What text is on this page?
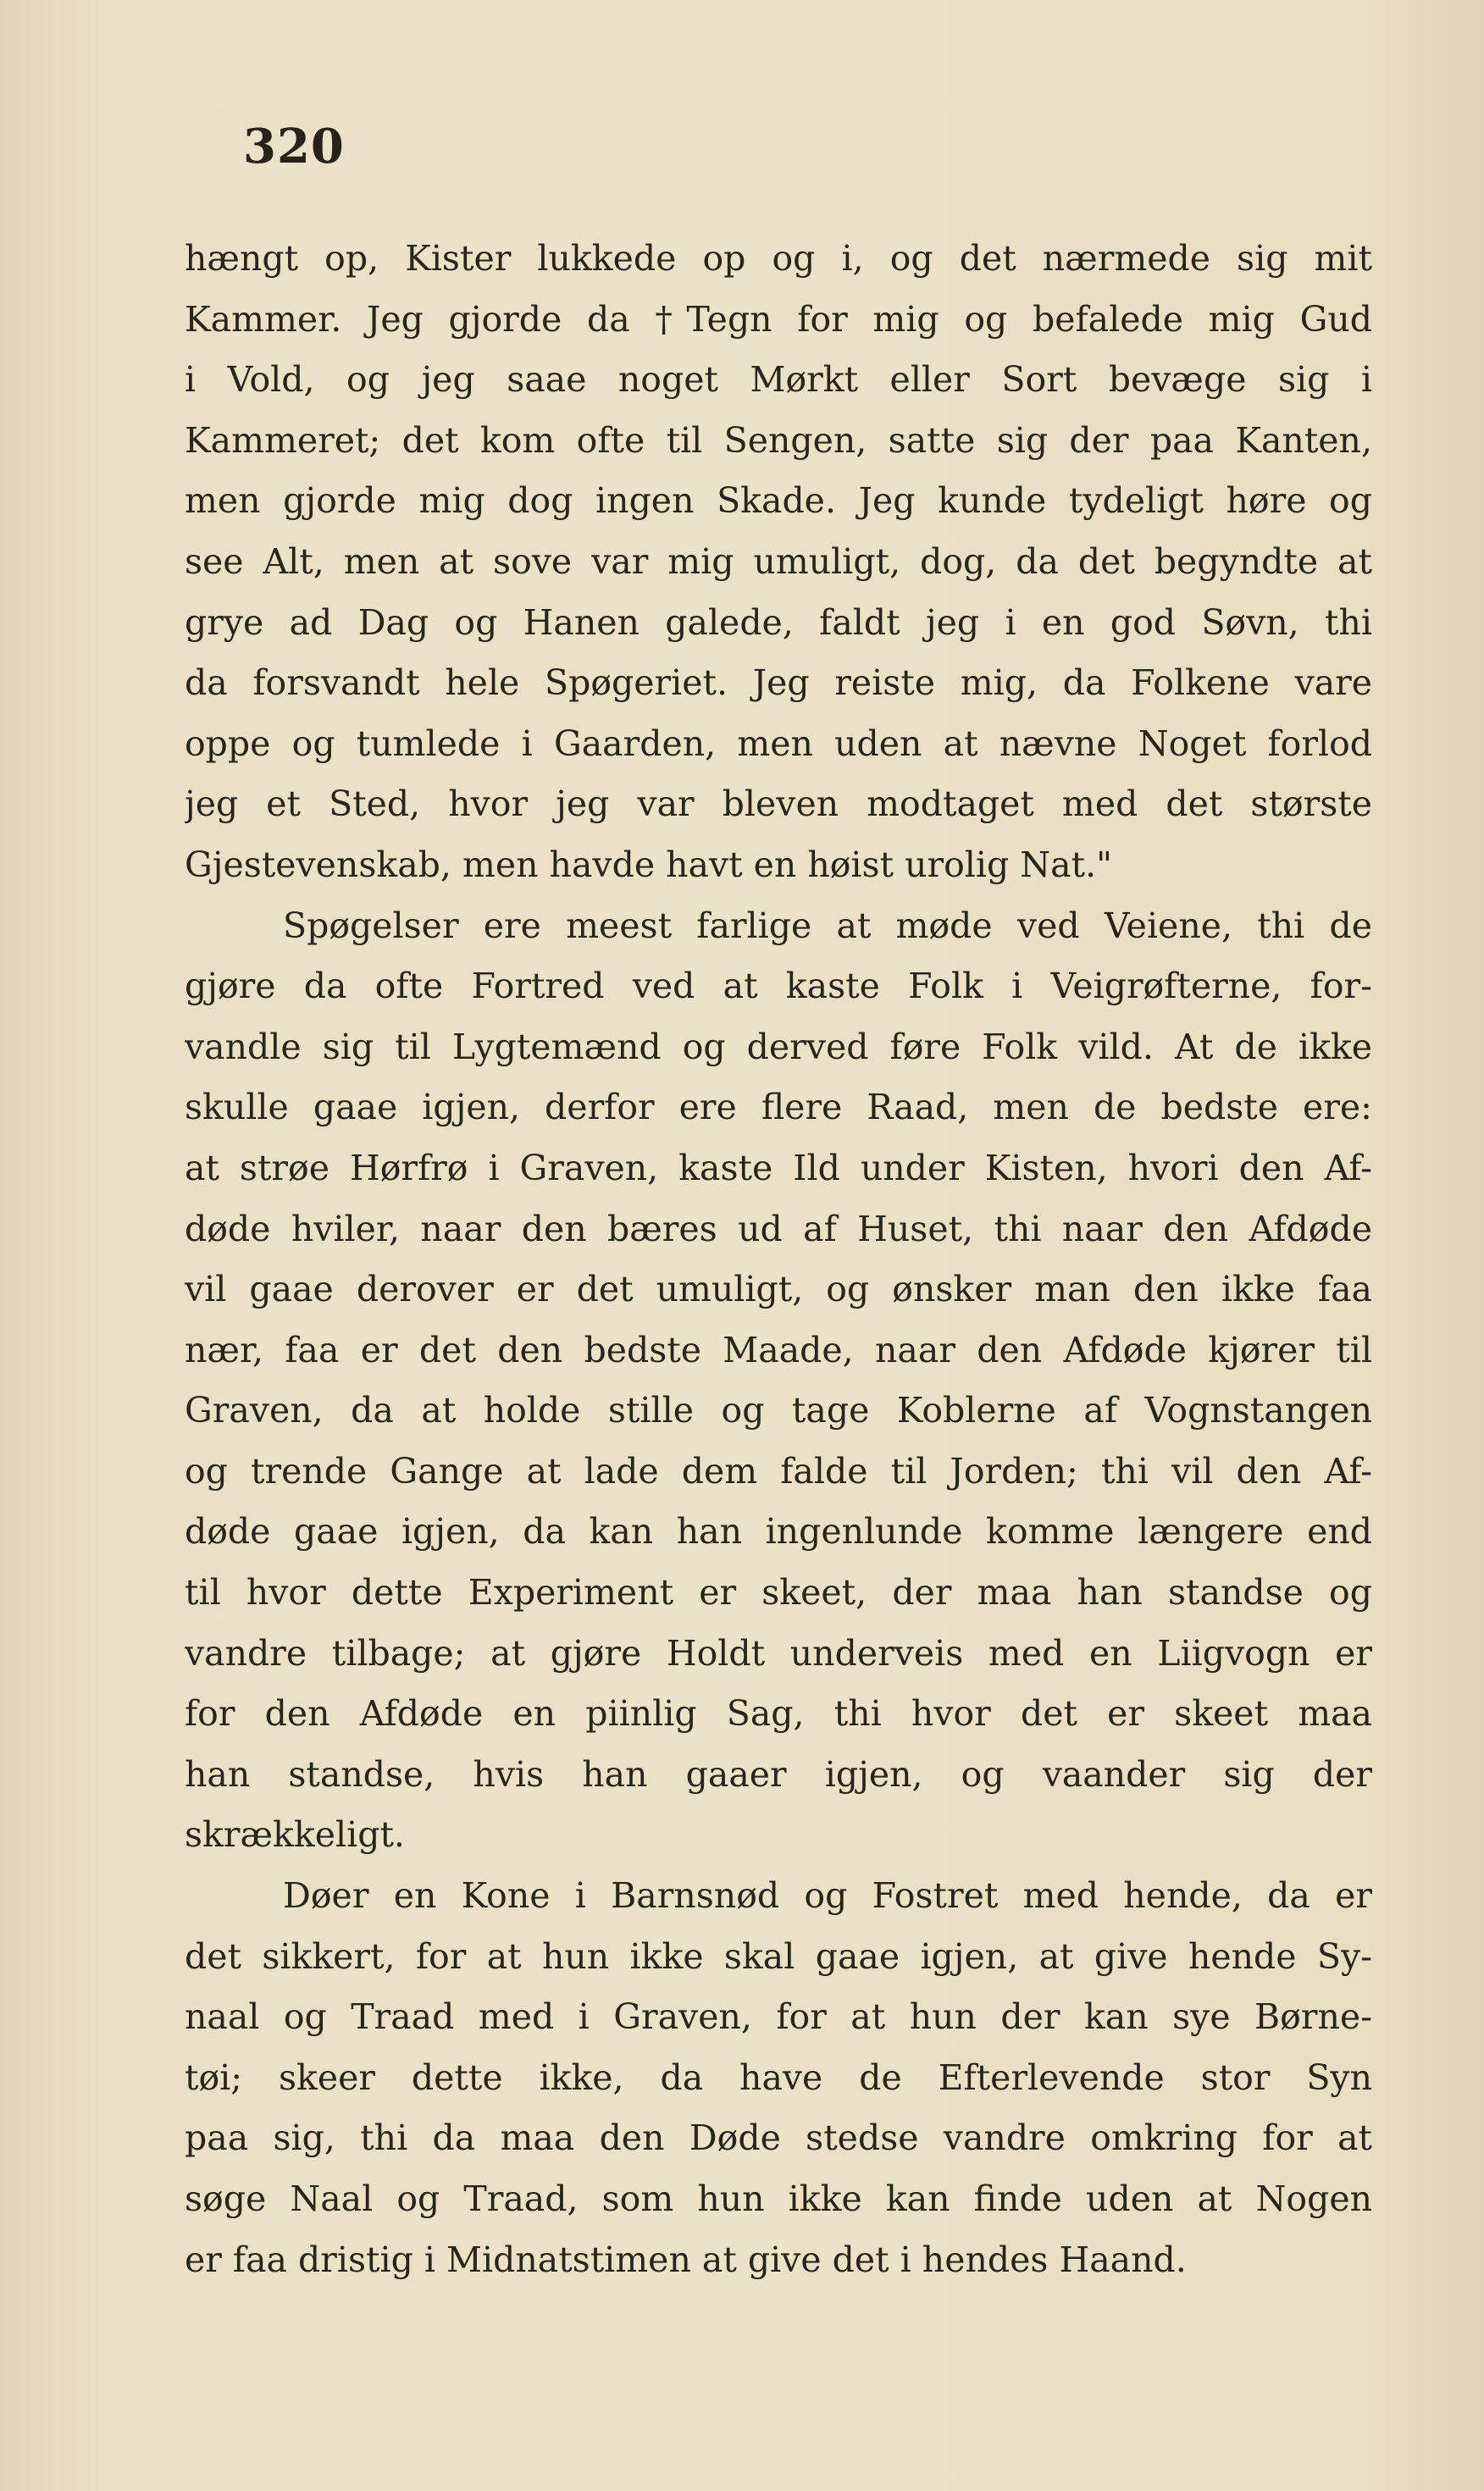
320
hængt op, Kister lukkede op og i, og det nærmede sig mit
Kammer. Jeg gjorde da †Tegn for mig og befalede mig Gud
i Vold, og jeg saae noget Mørkt eller Sort bevæge sig i
Kammeret; det kom ofte til Sengen, satte sig der paa Kanten,
men gjorde mig dog ingen Skade. Jeg kunde tydeligt høre og
see Alt, men at sove var mig umuligt, dog, da det begyndte at
grye ad Dag og Hanen galede, faldt jeg i en god Søvn, thi
da forsvandt hele Spøgeriet. Jeg reiste mig, da Folkene vare
oppe og tumlede i Gaarden, men uden at nævne Noget forlod
jeg et Sted, hvor jeg var bleven modtaget med det største
Gjestevenskab, men havde havt en høist urolig Nat."
Spøgelser ere meest farlige at møde ved Veiene, thi de
gjøre da ofte Fortred ved at kaste Folk i Veigrøfterne, for-
vandle sig til Lygtemænd og derved føre Folk vild. At de ikke
skulle gaae igjen, derfor ere flere Raad, men de bedste ere:
at strøe Hørfrø i Graven, kaste Ild under Kisten, hvori den Af-
døde hviler, naar den bæres ud af Huset, thi naar den Afdøde
vil gaae derover er det umuligt, og ønsker man den ikke faa
nær, faa er det den bedste Maade, naar den Afdøde kjører til
Graven, da at holde stille og tage Koblerne af Vognstangen
og trende Gange at lade dem falde til Jorden; thi vil den Af-
døde gaae igjen, da kan han ingenlunde komme længere end
til hvor dette Experiment er skeet, der maa han standse og
vandre tilbage; at gjøre Holdt underveis med en Liigvogn er
for den Afdøde en piinlig Sag, thi hvor det er skeet maa
han standse, hvis han gaaer igjen, og vaander sig der
skrækkeligt.
Døer en Kone i Barnsnød og Fostret med hende, da er
det sikkert, for at hun ikke skal gaae igjen, at give hende Sy-
naal og Traad med i Graven, for at hun der kan sye Børne-
tøi; skeer dette ikke, da have de Efterlevende stor Syn
paa sig, thi da maa den Døde stedse vandre omkring for at
søge Naal og Traad, som hun ikke kan finde uden at Nogen
er faa dristig i Midnatstimen at give det i hendes Haand.
